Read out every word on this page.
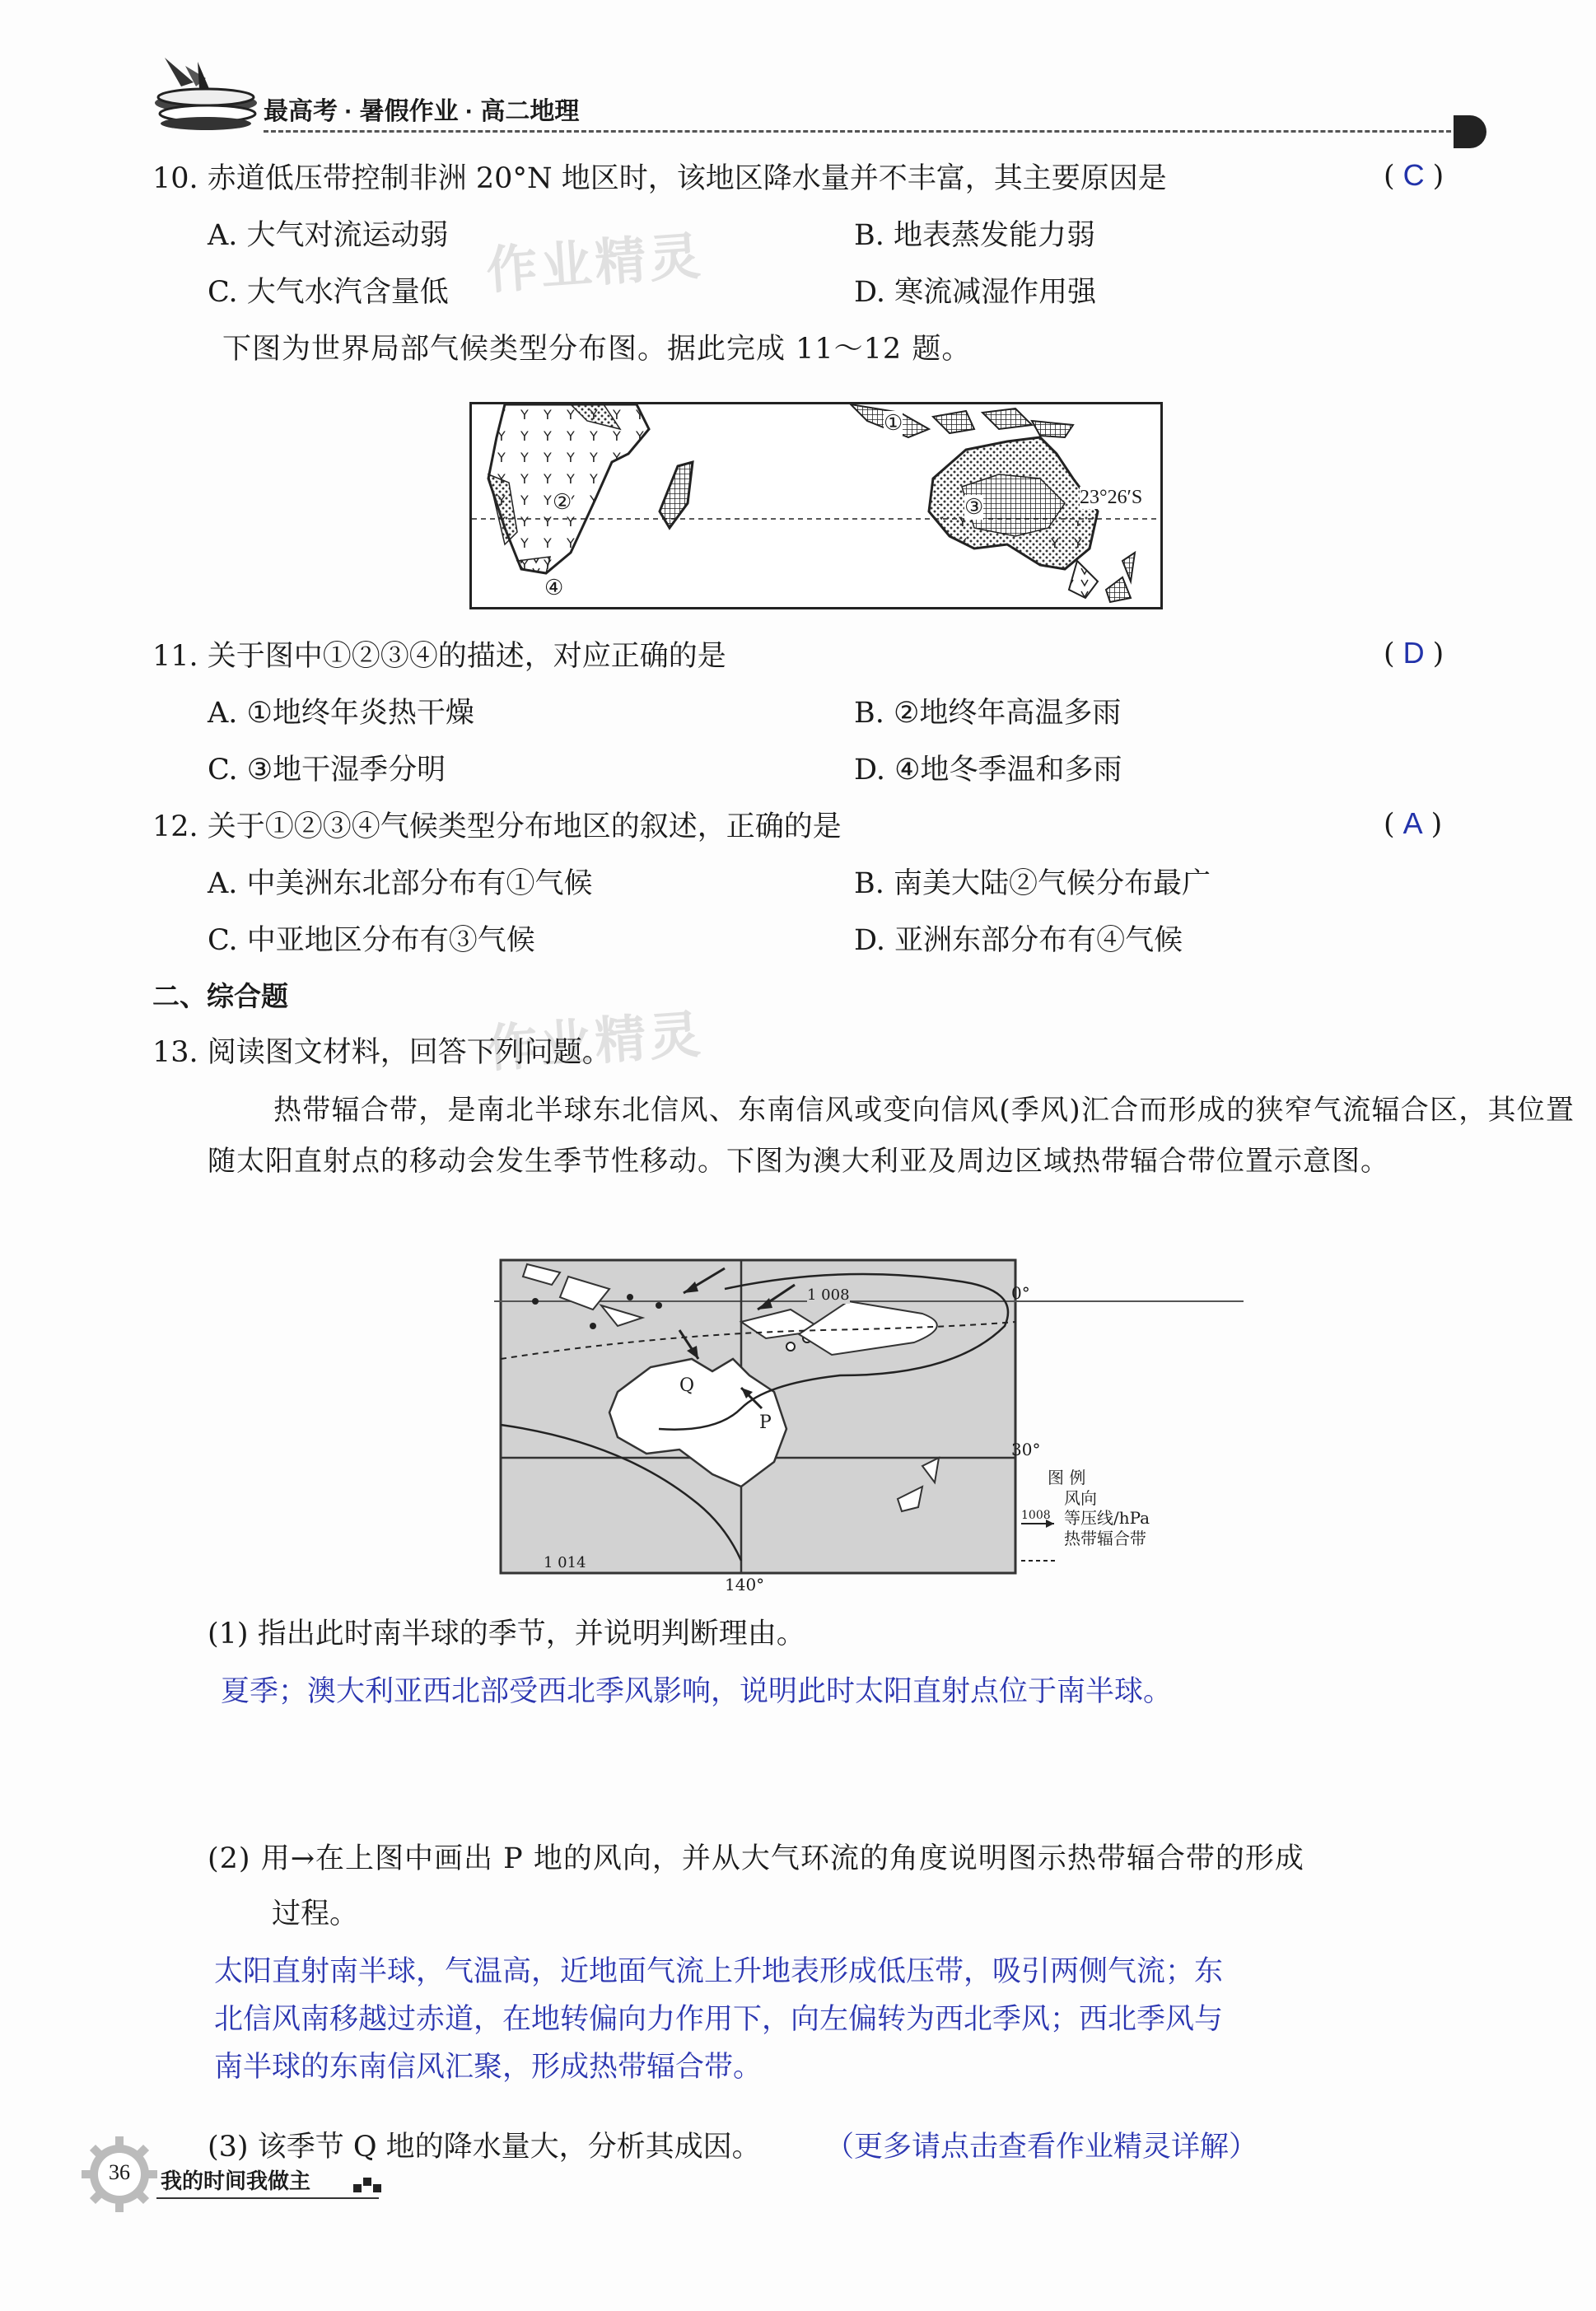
最高考 · 暑假作业 · 高二地理
作业精灵
作业精灵
10. 赤道低压带控制非洲 20°N 地区时，该地区降水量并不丰富，其主要原因是	( C )
A. 大气对流运动弱	B. 地表蒸发能力弱
C. 大气水汽含量低	D. 寒流减湿作用强
下图为世界局部气候类型分布图。据此完成 11～12 题。
23°26′S
①
②	③
④
11. 关于图中①②③④的描述，对应正确的是	( D )
A. ①地终年炎热干燥	B. ②地终年高温多雨
C. ③地干湿季分明	D. ④地冬季温和多雨
12. 关于①②③④气候类型分布地区的叙述，正确的是	( A )
A. 中美洲东北部分布有①气候	B. 南美大陆②气候分布最广
C. 中亚地区分布有③气候	D. 亚洲东部分布有④气候
二、综合题
13. 阅读图文材料，回答下列问题。
热带辐合带，是南北半球东北信风、东南信风或变向信风(季风)汇合而形成的狭窄气流辐合区，其位置随太阳直射点的移动会发生季节性移动。下图为澳大利亚及周边区域热带辐合带位置示意图。
0°
30°
140°
1 008
1 014
Q
P
图 例
风向
1008 等压线/hPa
热带辐合带
(1) 指出此时南半球的季节，并说明判断理由。
夏季；澳大利亚西北部受西北季风影响，说明此时太阳直射点位于南半球。
(2) 用→在上图中画出 P 地的风向，并从大气环流的角度说明图示热带辐合带的形成
过程。
太阳直射南半球，气温高，近地面气流上升地表形成低压带，吸引两侧气流；东
北信风南移越过赤道，在地转偏向力作用下，向左偏转为西北季风；西北季风与
南半球的东南信风汇聚，形成热带辐合带。
(3) 该季节 Q 地的降水量大，分析其成因。 （更多请点击查看作业精灵详解）
36	我的时间我做主
